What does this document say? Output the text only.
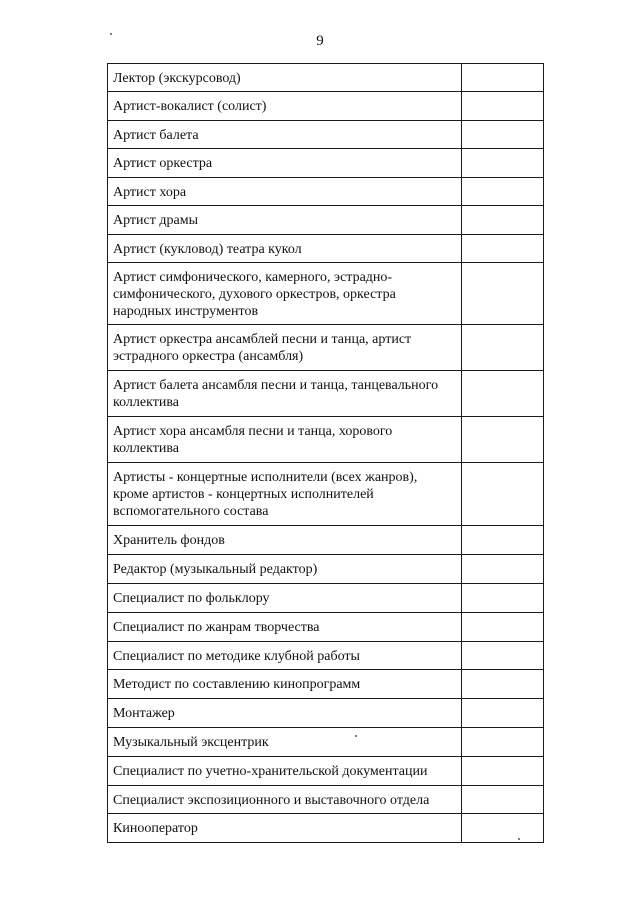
9
Лектор (экскурсовод)	
Артист-вокалист (солист)	
Артист балета	
Артист оркестра	
Артист хора	
Артист драмы	
Артист (кукловод) театра кукол	
Артист симфонического, камерного, эстрадно-симфонического, духового оркестров, оркестра народных инструментов	
Артист оркестра ансамблей песни и танца, артист эстрадного оркестра (ансамбля)	
Артист балета ансамбля песни и танца, танцевального коллектива	
Артист хора ансамбля песни и танца, хорового коллектива	
Артисты - концертные исполнители (всех жанров), кроме артистов - концертных исполнителей вспомогательного состава	
Хранитель фондов	
Редактор (музыкальный редактор)	
Специалист по фольклору	
Специалист по жанрам творчества	
Специалист по методике клубной работы	
Методист по составлению кинопрограмм	
Монтажер	
Музыкальный эксцентрик	
Специалист по учетно-хранительской документации	
Специалист экспозиционного и выставочного отдела	
Кинооператор	
